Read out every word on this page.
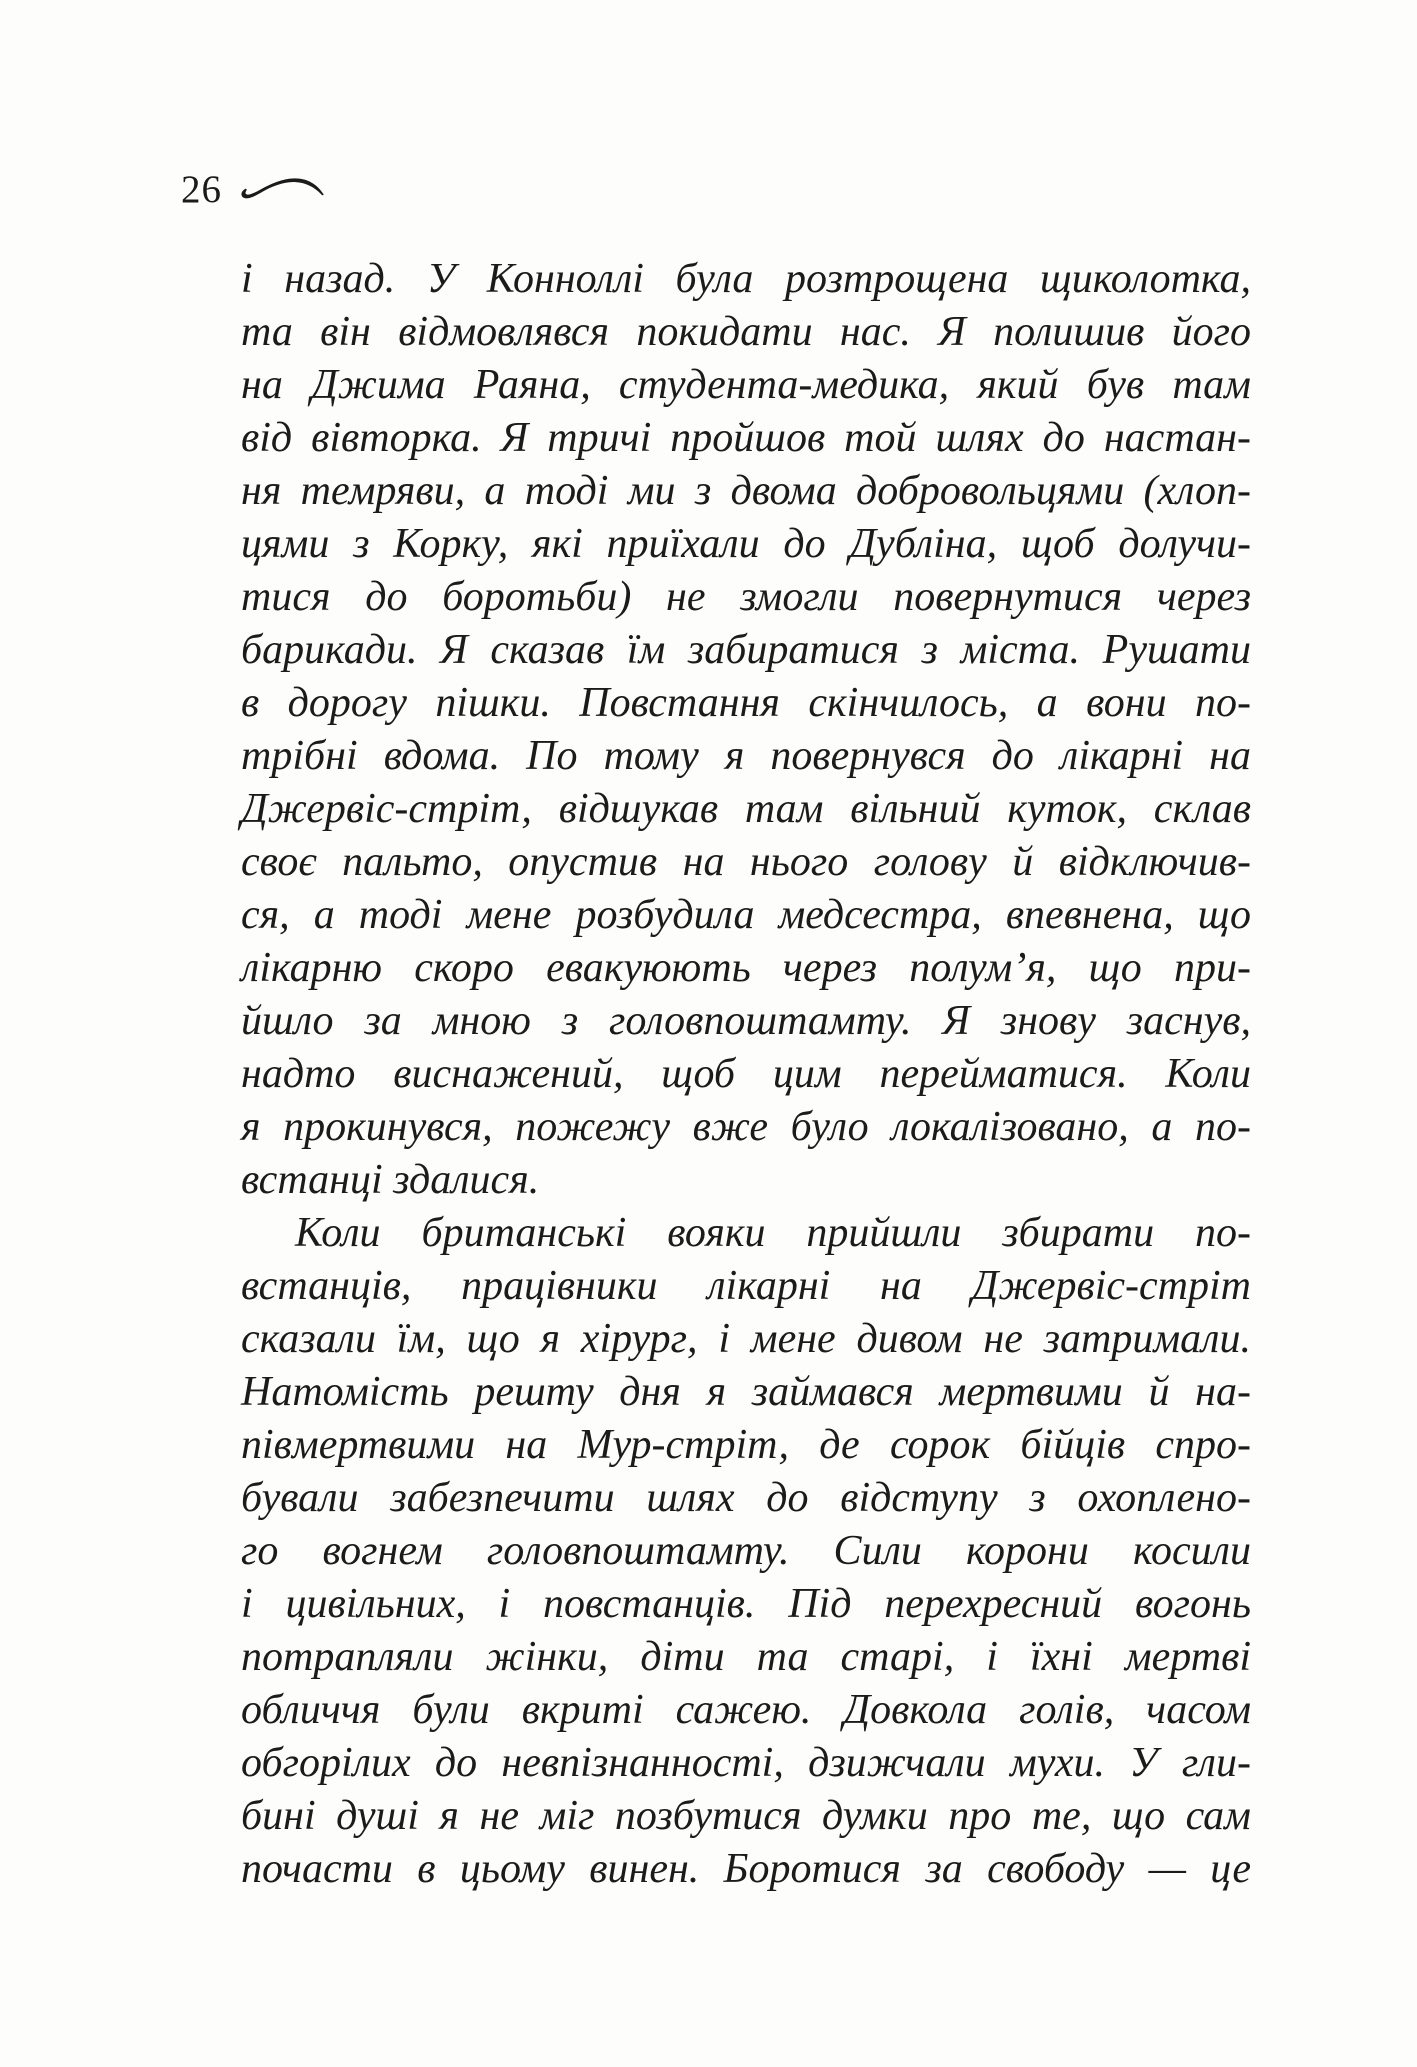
26
і назад. У Конноллі була розтрощена щиколотка,
та він відмовлявся покидати нас. Я полишив його
на Джима Раяна, студента-медика, який був там
від вівторка. Я тричі пройшов той шлях до настан-
ня темряви, а тоді ми з двома добровольцями (хлоп-
цями з Корку, які приїхали до Дубліна, щоб долучи-
тися до боротьби) не змогли повернутися через
барикади. Я сказав їм забиратися з міста. Рушати
в дорогу пішки. Повстання скінчилось, а вони по-
трібні вдома. По тому я повернувся до лікарні на
Джервіс-стріт, відшукав там вільний куток, склав
своє пальто, опустив на нього голову й відключив-
ся, а тоді мене розбудила медсестра, впевнена, що
лікарню скоро евакуюють через полум’я, що при-
йшло за мною з головпоштамту. Я знову заснув,
надто виснажений, щоб цим перейматися. Коли
я прокинувся, пожежу вже було локалізовано, а по-
встанці здалися.
Коли британські вояки прийшли збирати по-
встанців, працівники лікарні на Джервіс-стріт
сказали їм, що я хірург, і мене дивом не затримали.
Натомість решту дня я займався мертвими й на-
півмертвими на Мур-стріт, де сорок бійців спро-
бували забезпечити шлях до відступу з охоплено-
го вогнем головпоштамту. Сили корони косили
і цивільних, і повстанців. Під перехресний вогонь
потрапляли жінки, діти та старі, і їхні мертві
обличчя були вкриті сажею. Довкола голів, часом
обгорілих до невпізнанності, дзижчали мухи. У гли-
бині душі я не міг позбутися думки про те, що сам
почасти в цьому винен. Боротися за свободу — це
